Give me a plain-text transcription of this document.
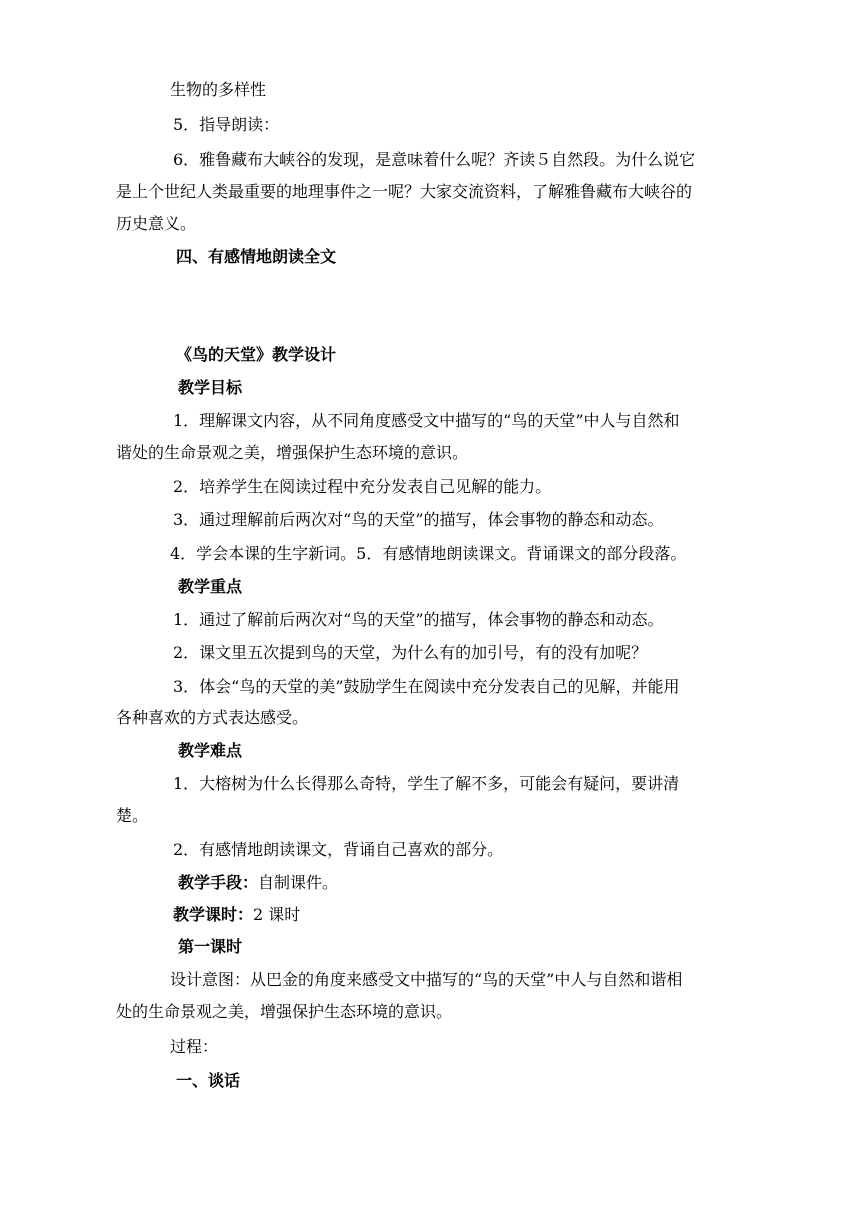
生物的多样性
5．指导朗读：
6．雅鲁藏布大峡谷的发现，是意味着什么呢？齐读５自然段。为什么说它
是上个世纪人类最重要的地理事件之一呢？大家交流资料，了解雅鲁藏布大峡谷的
历史意义。
四、有感情地朗读全文
《鸟的天堂》教学设计
教学目标
1．理解课文内容，从不同角度感受文中描写的“鸟的天堂”中人与自然和
谐处的生命景观之美，增强保护生态环境的意识。
2．培养学生在阅读过程中充分发表自己见解的能力。
3．通过理解前后两次对“鸟的天堂”的描写，体会事物的静态和动态。
4．学会本课的生字新词。5．有感情地朗读课文。背诵课文的部分段落。
教学重点
1．通过了解前后两次对“鸟的天堂”的描写，体会事物的静态和动态。
2．课文里五次提到鸟的天堂，为什么有的加引号，有的没有加呢？
3．体会“鸟的天堂的美”鼓励学生在阅读中充分发表自己的见解，并能用
各种喜欢的方式表达感受。
教学难点
1．大榕树为什么长得那么奇特，学生了解不多，可能会有疑问，要讲清
楚。
2．有感情地朗读课文，背诵自己喜欢的部分。
教学手段：自制课件。
教学课时：2 课时
第一课时
设计意图：从巴金的角度来感受文中描写的“鸟的天堂”中人与自然和谐相
处的生命景观之美，增强保护生态环境的意识。
过程：
一、谈话
